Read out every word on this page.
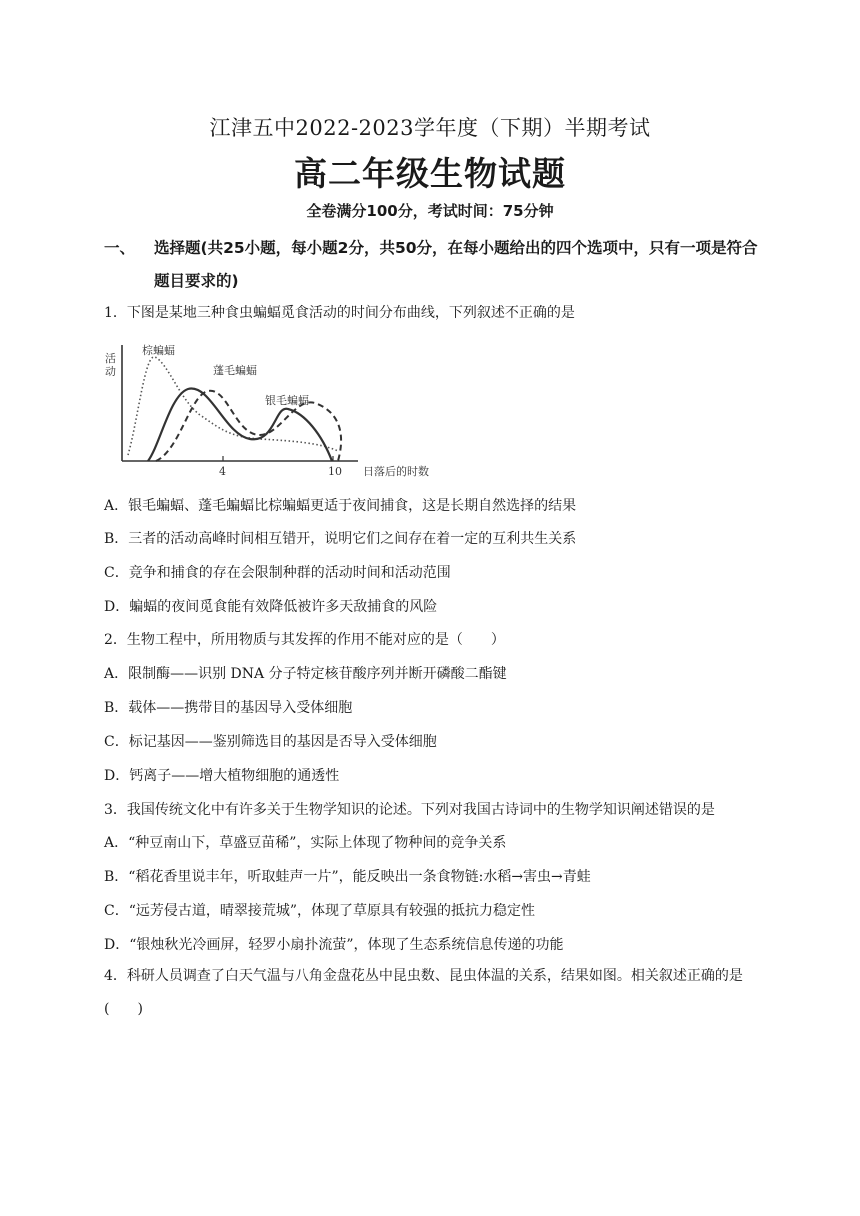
江津五中2022-2023学年度（下期）半期考试
高二年级生物试题
全卷满分100分，考试时间：75分钟
一、	选择题(共25小题，每小题2分，共50分，在每小题给出的四个选项中，只有一项是符合题目要求的)
1．下图是某地三种食虫蝙蝠觅食活动的时间分布曲线，下列叙述不正确的是
活
动
4	10 日落后的时数
棕蝙蝠
蓬毛蝙蝠
银毛蝙蝠
A．银毛蝙蝠、蓬毛蝙蝠比棕蝙蝠更适于夜间捕食，这是长期自然选择的结果
B．三者的活动高峰时间相互错开，说明它们之间存在着一定的互利共生关系
C．竞争和捕食的存在会限制种群的活动时间和活动范围
D．蝙蝠的夜间觅食能有效降低被许多天敌捕食的风险
2．生物工程中，所用物质与其发挥的作用不能对应的是（　　）
A．限制酶——识别 DNA 分子特定核苷酸序列并断开磷酸二酯键
B．载体——携带目的基因导入受体细胞
C．标记基因——鉴别筛选目的基因是否导入受体细胞
D．钙离子——增大植物细胞的通透性
3．我国传统文化中有许多关于生物学知识的论述。下列对我国古诗词中的生物学知识阐述错误的是
A．“种豆南山下，草盛豆苗稀”，实际上体现了物种间的竞争关系
B．“稻花香里说丰年，听取蛙声一片”，能反映出一条食物链:水稻→害虫→青蛙
C．“远芳侵古道，晴翠接荒城”，体现了草原具有较强的抵抗力稳定性
D．“银烛秋光冷画屏，轻罗小扇扑流萤”，体现了生态系统信息传递的功能
4．科研人员调查了白天气温与八角金盘花丛中昆虫数、昆虫体温的关系，结果如图。相关叙述正确的是(　　)
